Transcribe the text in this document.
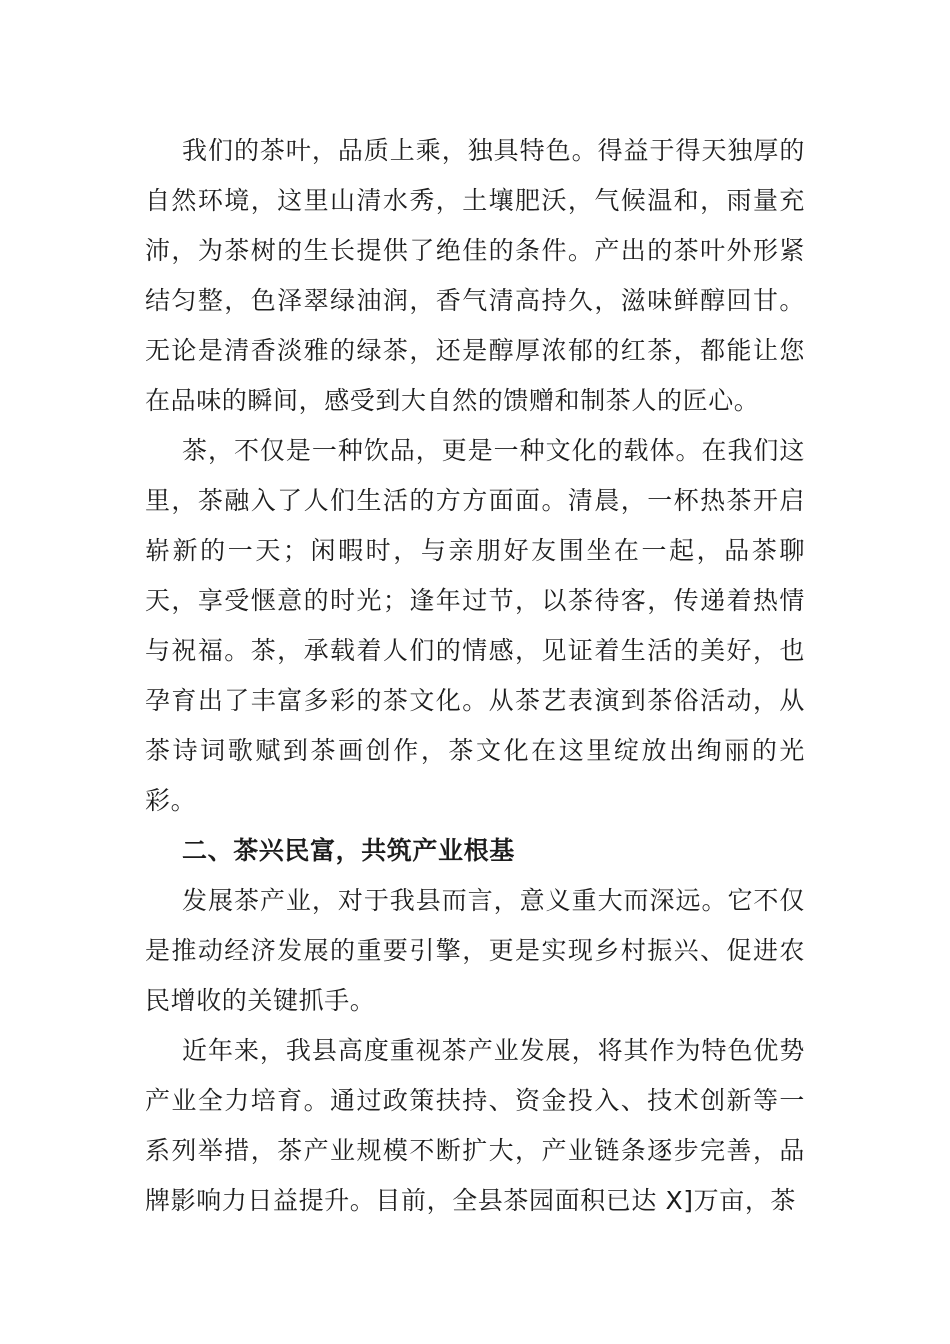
我们的茶叶，品质上乘，独具特色。得益于得天独厚的自然环境，这里山清水秀，土壤肥沃，气候温和，雨量充沛，为茶树的生长提供了绝佳的条件。产出的茶叶外形紧结匀整，色泽翠绿油润，香气清高持久，滋味鲜醇回甘。无论是清香淡雅的绿茶，还是醇厚浓郁的红茶，都能让您在品味的瞬间，感受到大自然的馈赠和制茶人的匠心。

茶，不仅是一种饮品，更是一种文化的载体。在我们这里，茶融入了人们生活的方方面面。清晨，一杯热茶开启崭新的一天；闲暇时，与亲朋好友围坐在一起，品茶聊天，享受惬意的时光；逢年过节，以茶待客，传递着热情与祝福。茶，承载着人们的情感，见证着生活的美好，也孕育出了丰富多彩的茶文化。从茶艺表演到茶俗活动，从茶诗词歌赋到茶画创作，茶文化在这里绽放出绚丽的光彩。

二、茶兴民富，共筑产业根基

发展茶产业，对于我县而言，意义重大而深远。它不仅是推动经济发展的重要引擎，更是实现乡村振兴、促进农民增收的关键抓手。

近年来，我县高度重视茶产业发展，将其作为特色优势产业全力培育。通过政策扶持、资金投入、技术创新等一系列举措，茶产业规模不断扩大，产业链条逐步完善，品牌影响力日益提升。目前，全县茶园面积已达 X]万亩，茶
